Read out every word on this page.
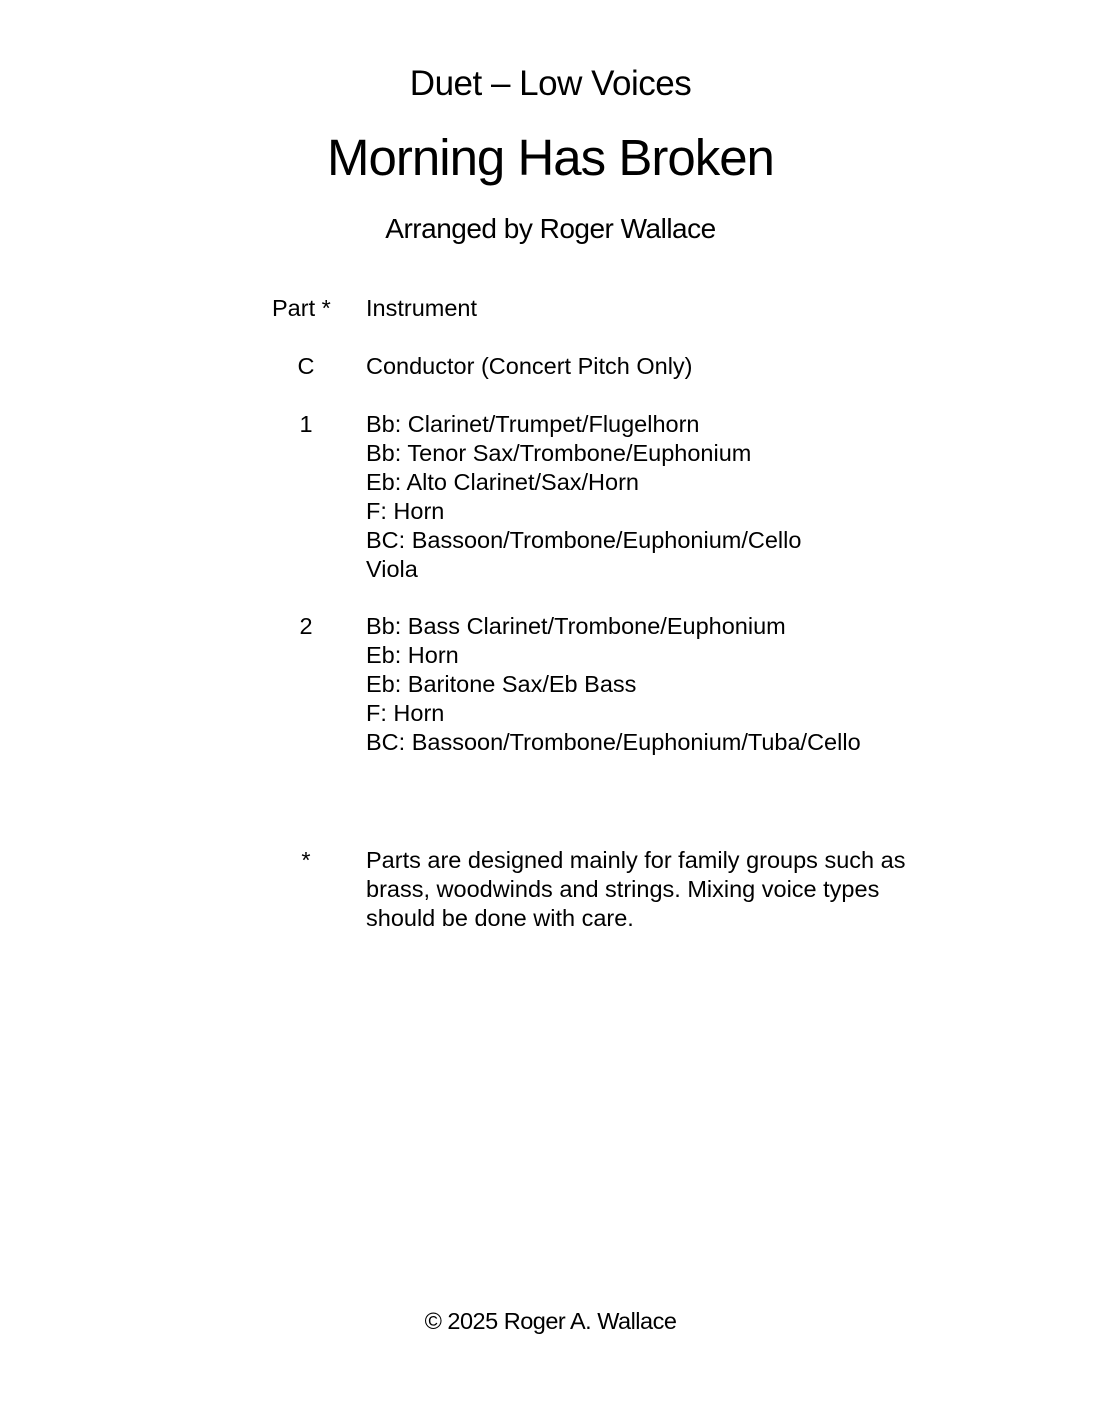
Duet – Low Voices
Morning Has Broken
Arranged by Roger Wallace
Part * Instrument
C	Conductor (Concert Pitch Only)
1	Bb: Clarinet/Trumpet/Flugelhorn
Bb: Tenor Sax/Trombone/Euphonium
Eb: Alto Clarinet/Sax/Horn
F: Horn
BC: Bassoon/Trombone/Euphonium/Cello
Viola
2	Bb: Bass Clarinet/Trombone/Euphonium
Eb: Horn
Eb: Baritone Sax/Eb Bass
F: Horn
BC: Bassoon/Trombone/Euphonium/Tuba/Cello
*	Parts are designed mainly for family groups such as
brass, woodwinds and strings. Mixing voice types
should be done with care.
© 2025 Roger A. Wallace
